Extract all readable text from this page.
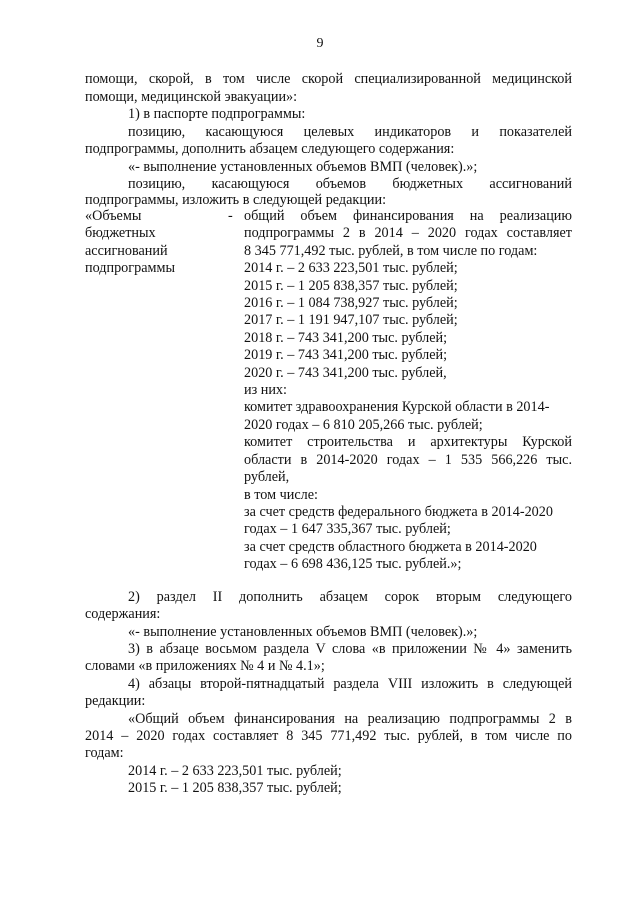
9
помощи, скорой, в том числе скорой специализированной медицинской
помощи, медицинской эвакуации»:
1) в паспорте подпрограммы:
позицию, касающуюся целевых индикаторов и показателей
подпрограммы, дополнить абзацем следующего содержания:
«- выполнение установленных объемов ВМП (человек).»;
позицию, касающуюся объемов бюджетных ассигнований
подпрограммы, изложить в следующей редакции:
«Объемы
бюджетных
ассигнований
подпрограммы
- общий объем финансирования на реализацию
подпрограммы 2 в 2014 – 2020 годах составляет
8 345 771,492 тыс. рублей, в том числе по годам:
2014 г. – 2 633 223,501 тыс. рублей;
2015 г. – 1 205 838,357 тыс. рублей;
2016 г. – 1 084 738,927 тыс. рублей;
2017 г. – 1 191 947,107 тыс. рублей;
2018 г. – 743 341,200 тыс. рублей;
2019 г. – 743 341,200 тыс. рублей;
2020 г. – 743 341,200 тыс. рублей,
из них:
комитет здравоохранения Курской области в 2014-
2020 годах – 6 810 205,266 тыс. рублей;
комитет строительства и архитектуры Курской
области в 2014-2020 годах – 1 535 566,226 тыс.
рублей,
в том числе:
за счет средств федерального бюджета в 2014-2020
годах – 1 647 335,367 тыс. рублей;
за счет средств областного бюджета в 2014-2020
годах – 6 698 436,125 тыс. рублей.»;
2) раздел II дополнить абзацем сорок вторым следующего
содержания:
«- выполнение установленных объемов ВМП (человек).»;
3) в абзаце восьмом раздела V слова «в приложении № 4» заменить
словами «в приложениях № 4 и № 4.1»;
4) абзацы второй-пятнадцатый раздела VIII изложить в следующей
редакции:
«Общий объем финансирования на реализацию подпрограммы 2 в
2014 – 2020 годах составляет 8 345 771,492 тыс. рублей, в том числе по
годам:
2014 г. – 2 633 223,501 тыс. рублей;
2015 г. – 1 205 838,357 тыс. рублей;
